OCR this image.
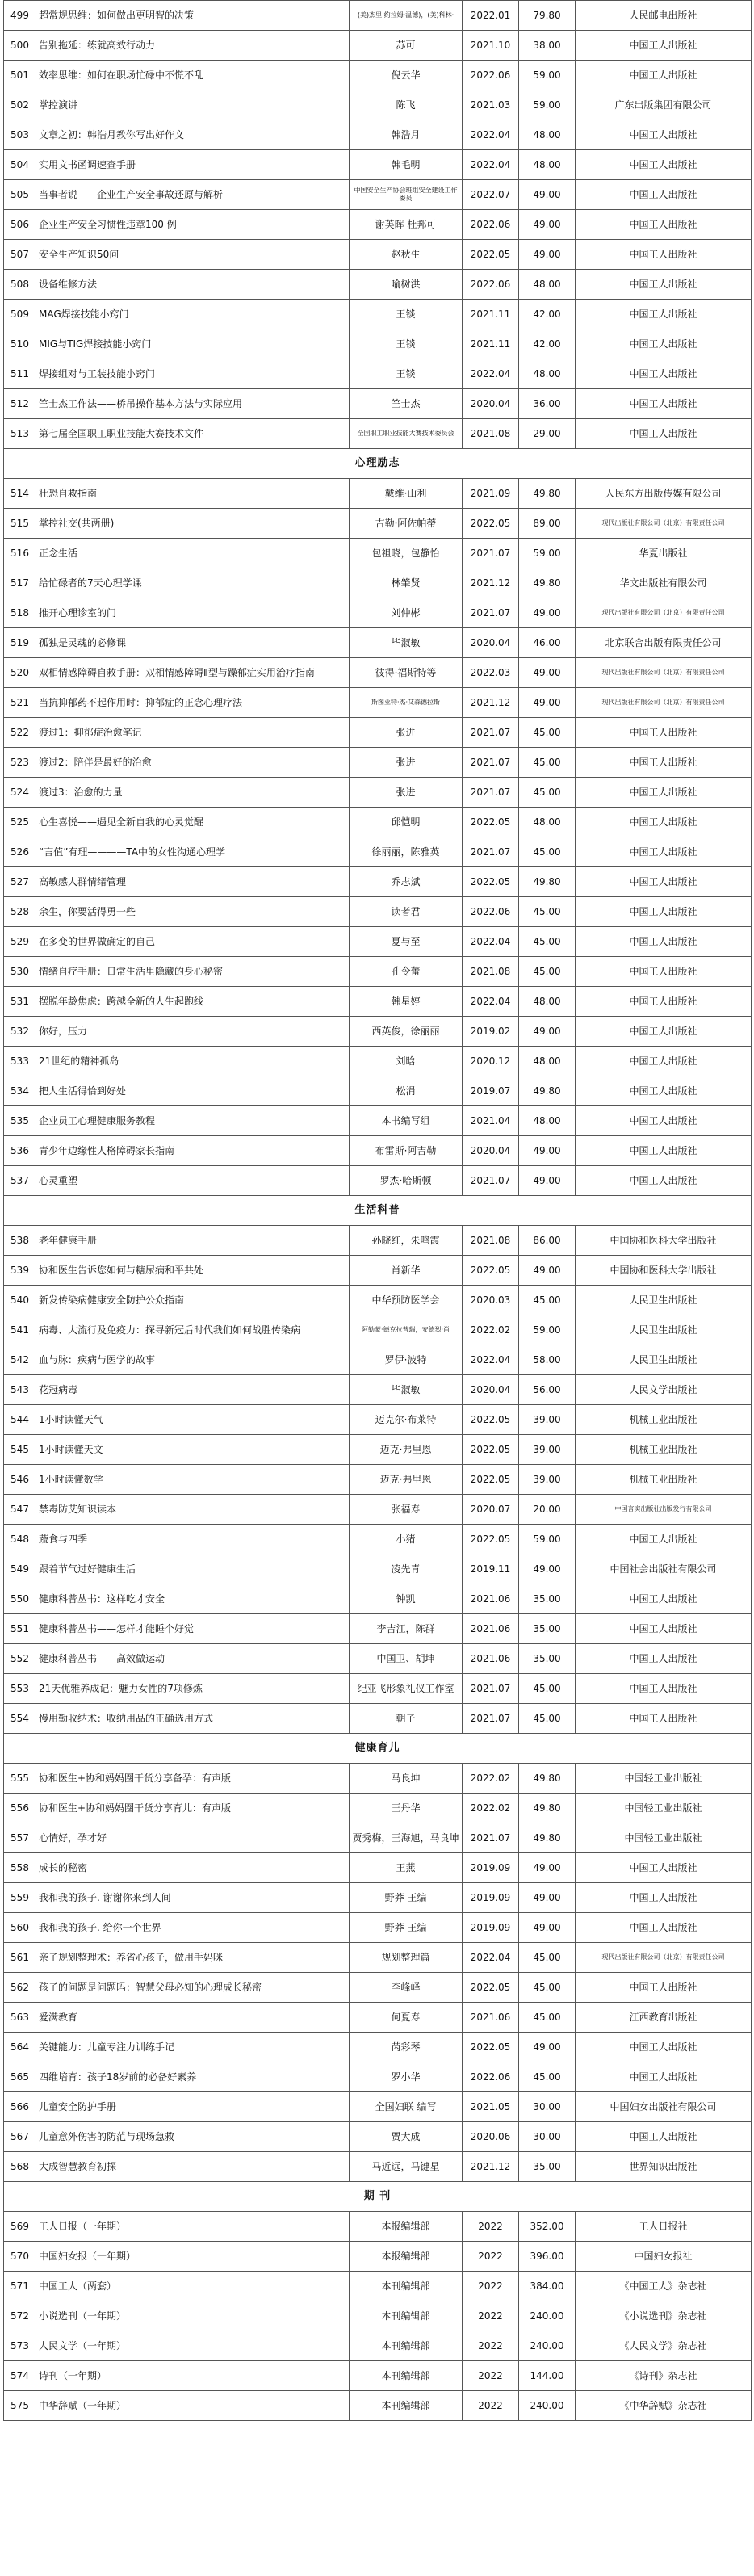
499	超常规思维：如何做出更明智的决策	(美)杰里·约拉姆·温德)，(美)科林·	2022.01	79.80	人民邮电出版社
500	告别拖延：练就高效行动力	苏可	2021.10	38.00	中国工人出版社
501	效率思维：如何在职场忙碌中不慌不乱	倪云华	2022.06	59.00	中国工人出版社
502	掌控演讲	陈飞	2021.03	59.00	广东出版集团有限公司
503	文章之初：韩浩月教你写出好作文	韩浩月	2022.04	48.00	中国工人出版社
504	实用文书函调速查手册	韩毛明	2022.04	48.00	中国工人出版社
505	当事者说——企业生产安全事故还原与解析	中国安全生产协会班组安全建设工作委员	2022.07	49.00	中国工人出版社
506	企业生产安全习惯性违章100 例	谢英晖 杜邦可	2022.06	49.00	中国工人出版社
507	安全生产知识50问	赵秋生	2022.05	49.00	中国工人出版社
508	设备维修方法	喻树洪	2022.06	48.00	中国工人出版社
509	MAG焊接技能小窍门	王锬	2021.11	42.00	中国工人出版社
510	MIG与TIG焊接技能小窍门	王锬	2021.11	42.00	中国工人出版社
511	焊接组对与工装技能小窍门	王锬	2022.04	48.00	中国工人出版社
512	竺士杰工作法——桥吊操作基本方法与实际应用	竺士杰	2020.04	36.00	中国工人出版社
513	第七届全国职工职业技能大赛技术文件	全国职工职业技能大赛技术委员会	2021.08	29.00	中国工人出版社
心理励志					
514	壮恐自救指南	戴维·山利	2021.09	49.80	人民东方出版传媒有限公司
515	掌控社交(共两册)	吉勒·阿佐帕蒂	2022.05	89.00	现代出版社有限公司（北京）有限责任公司
516	正念生活	包祖晓，包静怡	2021.07	59.00	华夏出版社
517	给忙碌者的7天心理学课	林肇贤	2021.12	49.80	华文出版社有限公司
518	推开心理诊室的门	刘仲彬	2021.07	49.00	现代出版社有限公司（北京）有限责任公司
519	孤独是灵魂的必修课	毕淑敏	2020.04	46.00	北京联合出版有限责任公司
520	双相情感障碍自救手册：双相情感障碍Ⅱ型与躁郁症实用治疗指南	彼得·福斯特等	2022.03	49.00	现代出版社有限公司（北京）有限责任公司
521	当抗抑郁药不起作用时：抑郁症的正念心理疗法	斯图亚特·杰·艾森德拉斯	2021.12	49.00	现代出版社有限公司（北京）有限责任公司
522	渡过1：抑郁症治愈笔记	张进	2021.07	45.00	中国工人出版社
523	渡过2：陪伴是最好的治愈	张进	2021.07	45.00	中国工人出版社
524	渡过3：治愈的力量	张进	2021.07	45.00	中国工人出版社
525	心生喜悦——遇见全新自我的心灵觉醒	邱恺明	2022.05	48.00	中国工人出版社
526	“言值”有理————TA中的女性沟通心理学	徐丽丽，陈雅英	2021.07	45.00	中国工人出版社
527	高敏感人群情绪管理	乔志斌	2022.05	49.80	中国工人出版社
528	余生，你要活得勇一些	读者君	2022.06	45.00	中国工人出版社
529	在多变的世界做确定的自己	夏与至	2022.04	45.00	中国工人出版社
530	情绪自疗手册：日常生活里隐藏的身心秘密	孔令蕾	2021.08	45.00	中国工人出版社
531	摆脱年龄焦虑：跨越全新的人生起跑线	韩星婷	2022.04	48.00	中国工人出版社
532	你好，压力	西英俊，徐丽丽	2019.02	49.00	中国工人出版社
533	21世纪的精神孤岛	刘晗	2020.12	48.00	中国工人出版社
534	把人生活得恰到好处	松涓	2019.07	49.80	中国工人出版社
535	企业员工心理健康服务教程	本书编写组	2021.04	48.00	中国工人出版社
536	青少年边缘性人格障碍家长指南	布雷斯·阿吉勒	2020.04	49.00	中国工人出版社
537	心灵重塑	罗杰·哈斯顿	2021.07	49.00	中国工人出版社
生活科普					
538	老年健康手册	孙晓红，朱鸣霞	2021.08	86.00	中国协和医科大学出版社
539	协和医生告诉您如何与糖尿病和平共处	肖新华	2022.05	49.00	中国协和医科大学出版社
540	新发传染病健康安全防护公众指南	中华预防医学会	2020.03	45.00	人民卫生出版社
541	病毒、大流行及免疫力：探寻新冠后时代我们如何战胜传染病	阿勒蒙·德克拉普瑞，安德烈·肖	2022.02	59.00	人民卫生出版社
542	血与脉：疾病与医学的故事	罗伊·波特	2022.04	58.00	人民卫生出版社
543	花冠病毒	毕淑敏	2020.04	56.00	人民文学出版社
544	1小时读懂天气	迈克尔·布莱特	2022.05	39.00	机械工业出版社
545	1小时读懂天文	迈克·弗里恩	2022.05	39.00	机械工业出版社
546	1小时读懂数学	迈克·弗里恩	2022.05	39.00	机械工业出版社
547	禁毒防艾知识读本	张福寿	2020.07	20.00	中国言实出版社出版发行有限公司
548	蔬食与四季	小猪	2022.05	59.00	中国工人出版社
549	跟着节气过好健康生活	凌先青	2019.11	49.00	中国社会出版社有限公司
550	健康科普丛书：这样吃才安全	钟凯	2021.06	35.00	中国工人出版社
551	健康科普丛书——怎样才能睡个好觉	李吉江，陈群	2021.06	35.00	中国工人出版社
552	健康科普丛书——高效做运动	中国卫、胡坤	2021.06	35.00	中国工人出版社
553	21天优雅养成记：魅力女性的7项修炼	纪亚飞形象礼仪工作室	2021.07	45.00	中国工人出版社
554	慢用勤收纳术：收纳用品的正确选用方式	朝子	2021.07	45.00	中国工人出版社
健康育儿					
555	协和医生+协和妈妈圈干货分享备孕：有声版	马良坤	2022.02	49.80	中国轻工业出版社
556	协和医生+协和妈妈圈干货分享育儿：有声版	王丹华	2022.02	49.80	中国轻工业出版社
557	心情好，孕才好	贾秀梅，王海旭，马良坤	2021.07	49.80	中国轻工业出版社
558	成长的秘密	王燕	2019.09	49.00	中国工人出版社
559	我和我的孩子. 谢谢你来到人间	野莽 王编	2019.09	49.00	中国工人出版社
560	我和我的孩子. 给你一个世界	野莽 王编	2019.09	49.00	中国工人出版社
561	亲子规划整理术：养省心孩子，做用手妈咪	规划整理篇	2022.04	45.00	现代出版社有限公司（北京）有限责任公司
562	孩子的问题是问题吗：智慧父母必知的心理成长秘密	李峰峄	2022.05	45.00	中国工人出版社
563	爱满教育	何夏寿	2021.06	45.00	江西教育出版社
564	关键能力：儿童专注力训练手记	芮彩琴	2022.05	49.00	中国工人出版社
565	四维培育：孩子18岁前的必备好素养	罗小华	2022.06	45.00	中国工人出版社
566	儿童安全防护手册	全国妇联 编写	2021.05	30.00	中国妇女出版社有限公司
567	儿童意外伤害的防范与现场急救	贾大成	2020.06	30.00	中国工人出版社
568	大成智慧教育初探	马近远，马键星	2021.12	35.00	世界知识出版社
期 刊					
569	工人日报（一年期）	本报编辑部	2022	352.00	工人日报社
570	中国妇女报（一年期）	本报编辑部	2022	396.00	中国妇女报社
571	中国工人（两套）	本刊编辑部	2022	384.00	《中国工人》杂志社
572	小说选刊（一年期）	本刊编辑部	2022	240.00	《小说选刊》杂志社
573	人民文学（一年期）	本刊编辑部	2022	240.00	《人民文学》杂志社
574	诗刊（一年期）	本刊编辑部	2022	144.00	《诗刊》杂志社
575	中华辞赋（一年期）	本刊编辑部	2022	240.00	《中华辞赋》杂志社
